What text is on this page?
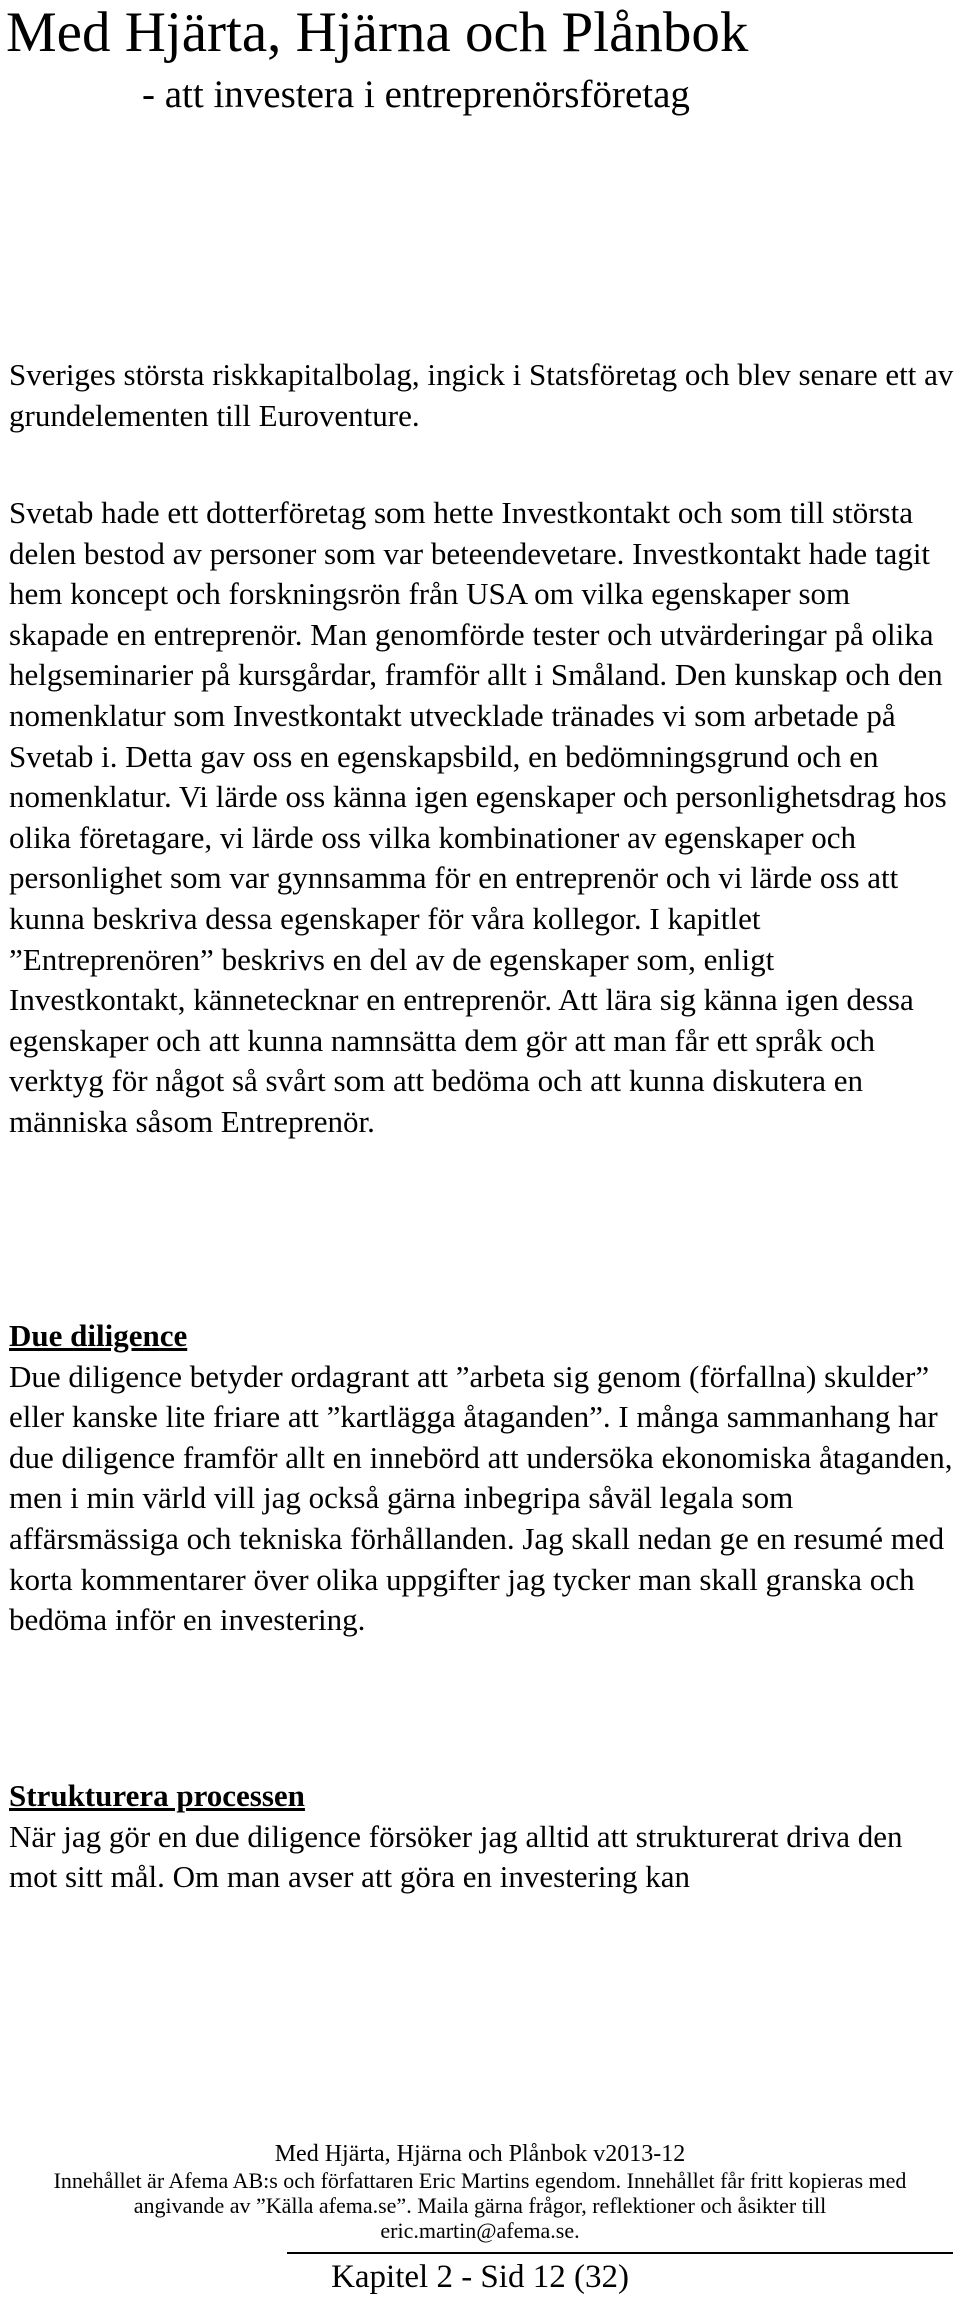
Med Hjärta, Hjärna och Plånbok

- att investera i entreprenörsföretag

Sveriges största riskkapitalbolag, ingick i Statsföretag och blev senare ett av grundelementen till Euroventure.

Svetab hade ett dotterföretag som hette Investkontakt och som till största delen bestod av personer som var beteendevetare. Investkontakt hade tagit hem koncept och forskningsrön från USA om vilka egenskaper som skapade en entreprenör. Man genomförde tester och utvärderingar på olika helgseminarier på kursgårdar, framför allt i Småland. Den kunskap och den nomenklatur som Investkontakt utvecklade tränades vi som arbetade på Svetab i. Detta gav oss en egenskapsbild, en bedömningsgrund och en nomenklatur. Vi lärde oss känna igen egenskaper och personlighetsdrag hos olika företagare, vi lärde oss vilka kombinationer av egenskaper och personlighet som var gynnsamma för en entreprenör och vi lärde oss att kunna beskriva dessa egenskaper för våra kollegor. I kapitlet ”Entreprenören” beskrivs en del av de egenskaper som, enligt Investkontakt, kännetecknar en entreprenör. Att lära sig känna igen dessa egenskaper och att kunna namnsätta dem gör att man får ett språk och verktyg för något så svårt som att bedöma och att kunna diskutera en människa såsom Entreprenör.

Due diligence

Due diligence betyder ordagrant att ”arbeta sig genom (förfallna) skulder” eller kanske lite friare att ”kartlägga åtaganden”. I många sammanhang har due diligence framför allt en innebörd att undersöka ekonomiska åtaganden, men i min värld vill jag också gärna inbegripa såväl legala som affärsmässiga och tekniska förhållanden. Jag skall nedan ge en resumé med korta kommentarer över olika uppgifter jag tycker man skall granska och bedöma inför en investering.

Strukturera processen

När jag gör en due diligence försöker jag alltid att strukturerat driva den mot sitt mål. Om man avser att göra en investering kan

Med Hjärta, Hjärna och Plånbok v2013-12

Innehållet är Afema AB:s och författaren Eric Martins egendom. Innehållet får fritt kopieras med

angivande av ”Källa afema.se”. Maila gärna frågor, reflektioner och åsikter till

eric.martin@afema.se.

Kapitel 2 - Sid 12 (32)
